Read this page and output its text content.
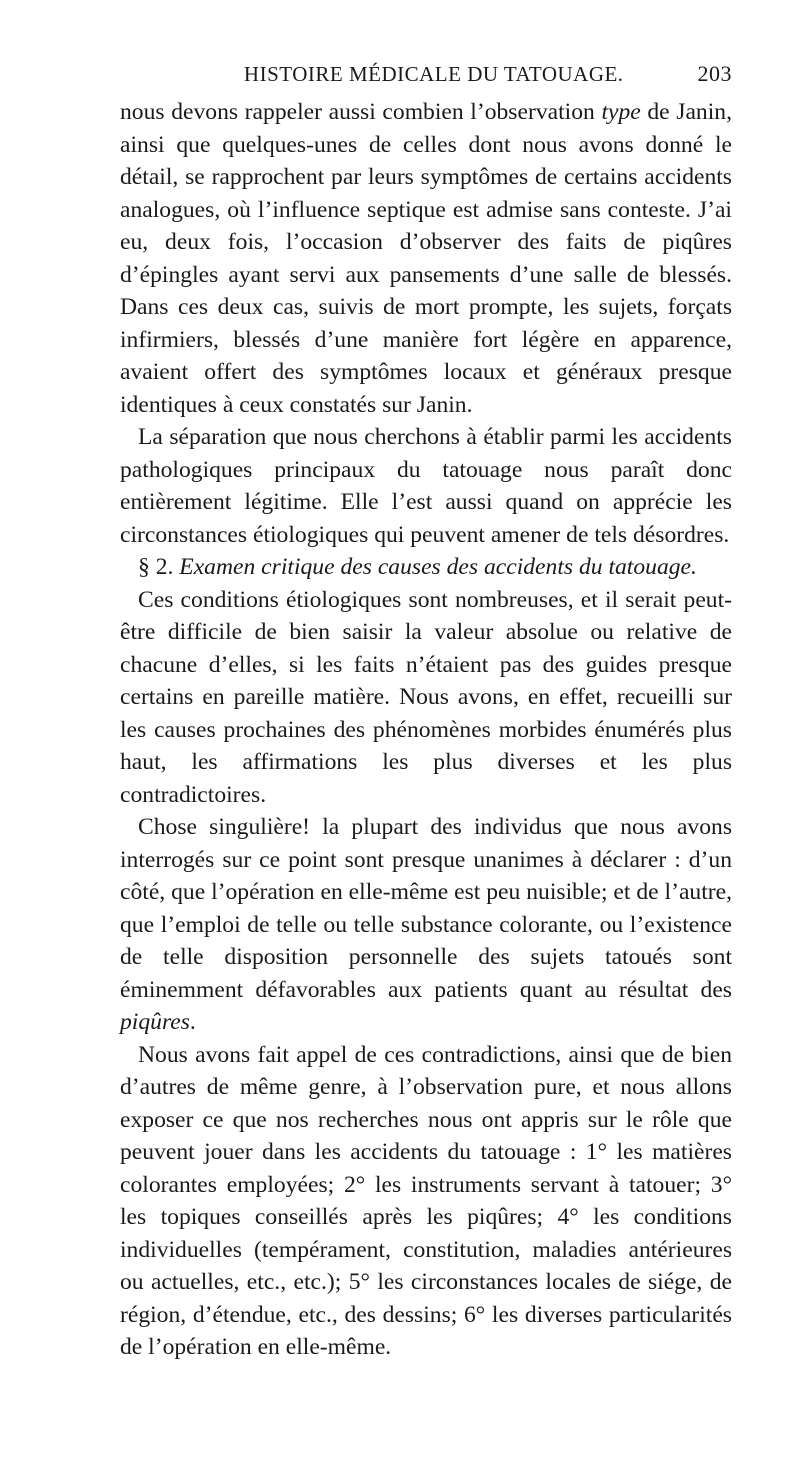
HISTOIRE MÉDICALE DU TATOUAGE.	203

nous devons rappeler aussi combien l’observation type de Janin, ainsi que quelques-unes de celles dont nous avons donné le détail, se rapprochent par leurs symptômes de certains accidents analogues, où l’influence septique est admise sans conteste. J’ai eu, deux fois, l’occasion d’observer des faits de piqûres d’épingles ayant servi aux pansements d’une salle de blessés. Dans ces deux cas, suivis de mort prompte, les sujets, forçats infirmiers, blessés d’une manière fort légère en apparence, avaient offert des symptômes locaux et généraux presque identiques à ceux constatés sur Janin.

La séparation que nous cherchons à établir parmi les accidents pathologiques principaux du tatouage nous paraît donc entièrement légitime. Elle l’est aussi quand on apprécie les circonstances étiologiques qui peuvent amener de tels désordres.

§ 2. Examen critique des causes des accidents du tatouage.

Ces conditions étiologiques sont nombreuses, et il serait peut-être difficile de bien saisir la valeur absolue ou relative de chacune d’elles, si les faits n’étaient pas des guides presque certains en pareille matière. Nous avons, en effet, recueilli sur les causes prochaines des phénomènes morbides énumérés plus haut, les affirmations les plus diverses et les plus contradictoires.

Chose singulière! la plupart des individus que nous avons interrogés sur ce point sont presque unanimes à déclarer : d’un côté, que l’opération en elle-même est peu nuisible; et de l’autre, que l’emploi de telle ou telle substance colorante, ou l’existence de telle disposition personnelle des sujets tatoués sont éminemment défavorables aux patients quant au résultat des piqûres.

Nous avons fait appel de ces contradictions, ainsi que de bien d’autres de même genre, à l’observation pure, et nous allons exposer ce que nos recherches nous ont appris sur le rôle que peuvent jouer dans les accidents du tatouage : 1° les matières colorantes employées; 2° les instruments servant à tatouer; 3° les topiques conseillés après les piqûres; 4° les conditions individuelles (tempérament, constitution, maladies antérieures ou actuelles, etc., etc.); 5° les circonstances locales de siége, de région, d’étendue, etc., des dessins; 6° les diverses particularités de l’opération en elle-même.
